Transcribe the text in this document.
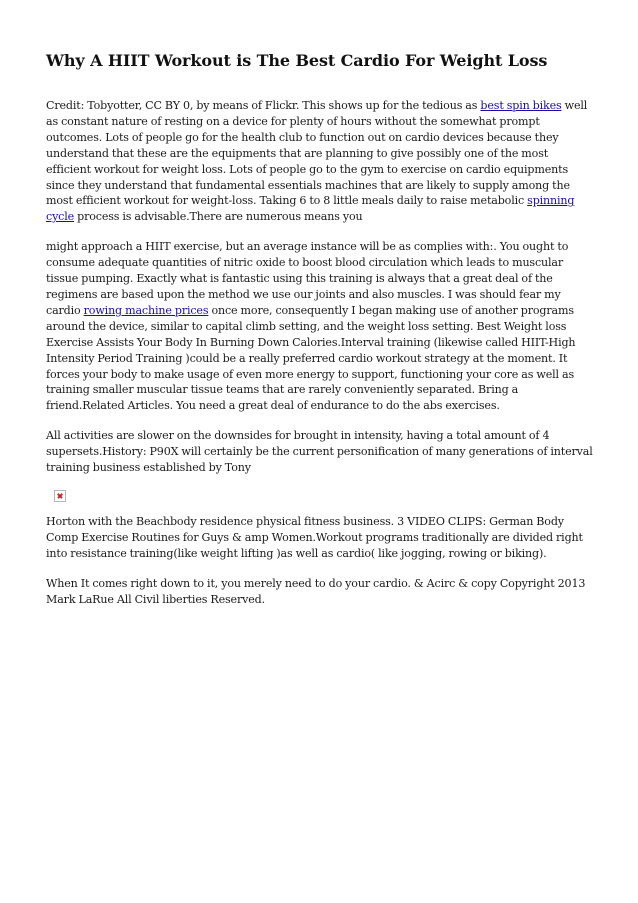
Why A HIIT Workout is The Best Cardio For Weight Loss

Credit: Tobyotter, CC BY 0, by means of Flickr. This shows up for the tedious as best spin bikes well as constant nature of resting on a device for plenty of hours without the somewhat prompt outcomes. Lots of people go for the health club to function out on cardio devices because they understand that these are the equipments that are planning to give possibly one of the most efficient workout for weight loss. Lots of people go to the gym to exercise on cardio equipments since they understand that fundamental essentials machines that are likely to supply among the most efficient workout for weight-loss. Taking 6 to 8 little meals daily to raise metabolic spinning cycle process is advisable.There are numerous means you

might approach a HIIT exercise, but an average instance will be as complies with:. You ought to consume adequate quantities of nitric oxide to boost blood circulation which leads to muscular tissue pumping. Exactly what is fantastic using this training is always that a great deal of the regimens are based upon the method we use our joints and also muscles. I was should fear my cardio rowing machine prices once more, consequently I began making use of another programs around the device, similar to capital climb setting, and the weight loss setting. Best Weight loss Exercise Assists Your Body In Burning Down Calories.Interval training (likewise called HIIT-High Intensity Period Training )could be a really preferred cardio workout strategy at the moment. It forces your body to make usage of even more energy to support, functioning your core as well as training smaller muscular tissue teams that are rarely conveniently separated. Bring a friend.Related Articles. You need a great deal of endurance to do the abs exercises.

All activities are slower on the downsides for brought in intensity, having a total amount of 4 supersets.History: P90X will certainly be the current personification of many generations of interval training business established by Tony

Horton with the Beachbody residence physical fitness business. 3 VIDEO CLIPS: German Body Comp Exercise Routines for Guys & amp Women.Workout programs traditionally are divided right into resistance training(like weight lifting )as well as cardio( like jogging, rowing or biking).

When It comes right down to it, you merely need to do your cardio. & Acirc & copy Copyright 2013 Mark LaRue All Civil liberties Reserved.
